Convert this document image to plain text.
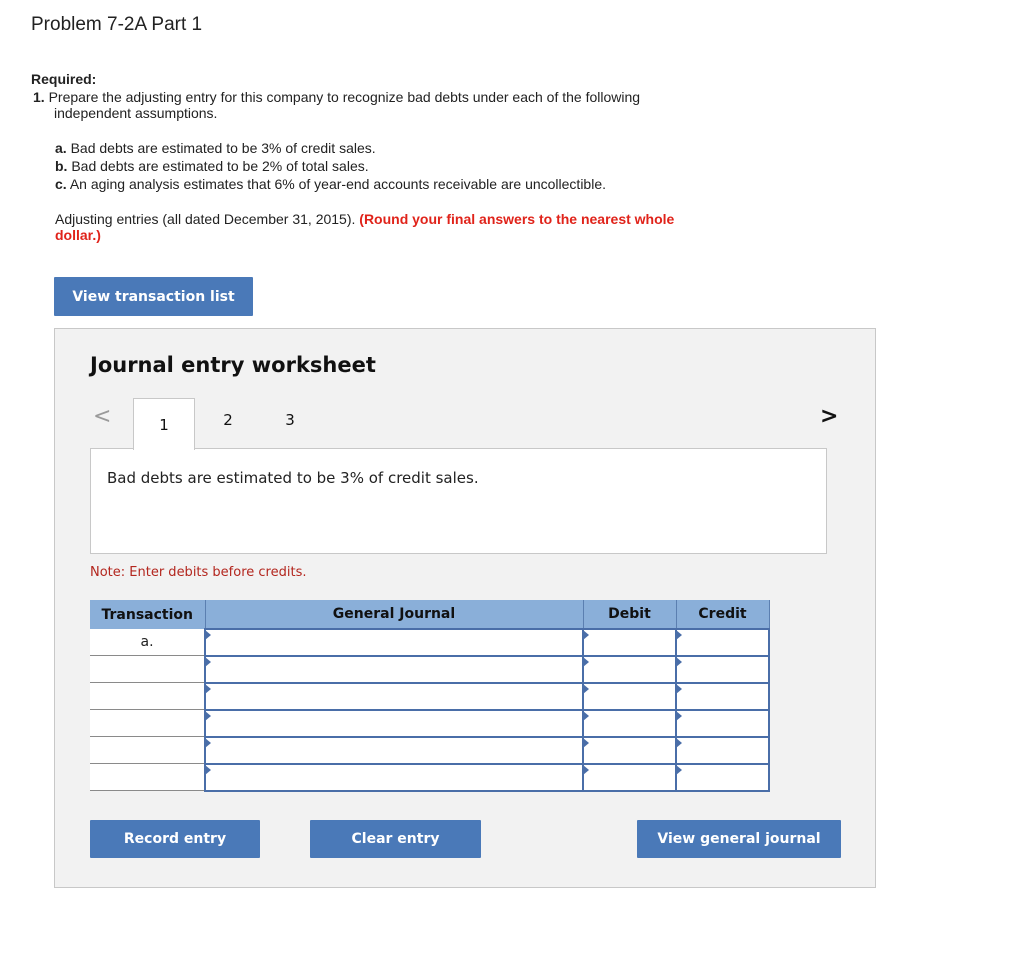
Problem 7-2A Part 1
Required:
1. Prepare the adjusting entry for this company to recognize bad debts under each of the following
independent assumptions.
a. Bad debts are estimated to be 3% of credit sales.
b. Bad debts are estimated to be 2% of total sales.
c. An aging analysis estimates that 6% of year-end accounts receivable are uncollectible.
Adjusting entries (all dated December 31, 2015). (Round your final answers to the nearest whole
dollar.)
View transaction list
Journal entry worksheet
<	>
1	2	3
Bad debts are estimated to be 3% of credit sales.
Note: Enter debits before credits.
Transaction	General Journal	Debit	Credit
a.	

Record entry	Clear entry	View general journal
